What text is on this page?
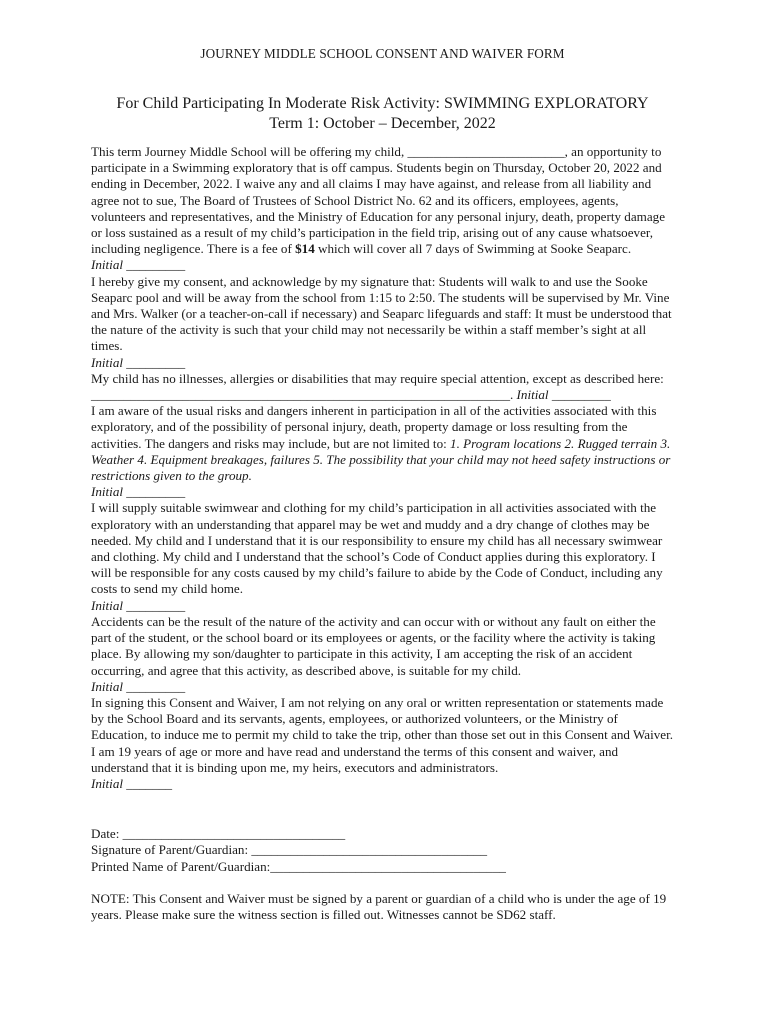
JOURNEY MIDDLE SCHOOL CONSENT AND WAIVER FORM
For Child Participating In Moderate Risk Activity: SWIMMING EXPLORATORY
Term 1: October – December, 2022

This term Journey Middle School will be offering my child, ________________________, an opportunity to participate in a Swimming exploratory that is off campus. Students begin on Thursday, October 20, 2022 and ending in December, 2022. I waive any and all claims I may have against, and release from all liability and agree not to sue, The Board of Trustees of School District No. 62 and its officers, employees, agents, volunteers and representatives, and the Ministry of Education for any personal injury, death, property damage or loss sustained as a result of my child’s participation in the field trip, arising out of any cause whatsoever, including negligence. There is a fee of $14 which will cover all 7 days of Swimming at Sooke Seaparc.

Initial _________

I hereby give my consent, and acknowledge by my signature that: Students will walk to and use the Sooke Seaparc pool and will be away from the school from 1:15 to 2:50. The students will be supervised by Mr. Vine and Mrs. Walker (or a teacher-on-call if necessary) and Seaparc lifeguards and staff: It must be understood that the nature of the activity is such that your child may not necessarily be within a staff member’s sight at all times.

Initial _________

My child has no illnesses, allergies or disabilities that may require special attention, except as described here: ________________________________________________________________. Initial _________

I am aware of the usual risks and dangers inherent in participation in all of the activities associated with this exploratory, and of the possibility of personal injury, death, property damage or loss resulting from the activities. The dangers and risks may include, but are not limited to: 1. Program locations 2. Rugged terrain 3. Weather 4. Equipment breakages, failures 5. The possibility that your child may not heed safety instructions or restrictions given to the group.

Initial _________

I will supply suitable swimwear and clothing for my child’s participation in all activities associated with the exploratory with an understanding that apparel may be wet and muddy and a dry change of clothes may be needed. My child and I understand that it is our responsibility to ensure my child has all necessary swimwear and clothing. My child and I understand that the school’s Code of Conduct applies during this exploratory. I will be responsible for any costs caused by my child’s failure to abide by the Code of Conduct, including any costs to send my child home.

Initial _________

Accidents can be the result of the nature of the activity and can occur with or without any fault on either the part of the student, or the school board or its employees or agents, or the facility where the activity is taking place. By allowing my son/daughter to participate in this activity, I am accepting the risk of an accident occurring, and agree that this activity, as described above, is suitable for my child.

Initial _________

In signing this Consent and Waiver, I am not relying on any oral or written representation or statements made by the School Board and its servants, agents, employees, or authorized volunteers, or the Ministry of Education, to induce me to permit my child to take the trip, other than those set out in this Consent and Waiver. I am 19 years of age or more and have read and understand the terms of this consent and waiver, and understand that it is binding upon me, my heirs, executors and administrators.

Initial _______

Date: __________________________________
Signature of Parent/Guardian: ____________________________________
Printed Name of Parent/Guardian:____________________________________
NOTE: This Consent and Waiver must be signed by a parent or guardian of a child who is under the age of 19 years. Please make sure the witness section is filled out. Witnesses cannot be SD62 staff.
